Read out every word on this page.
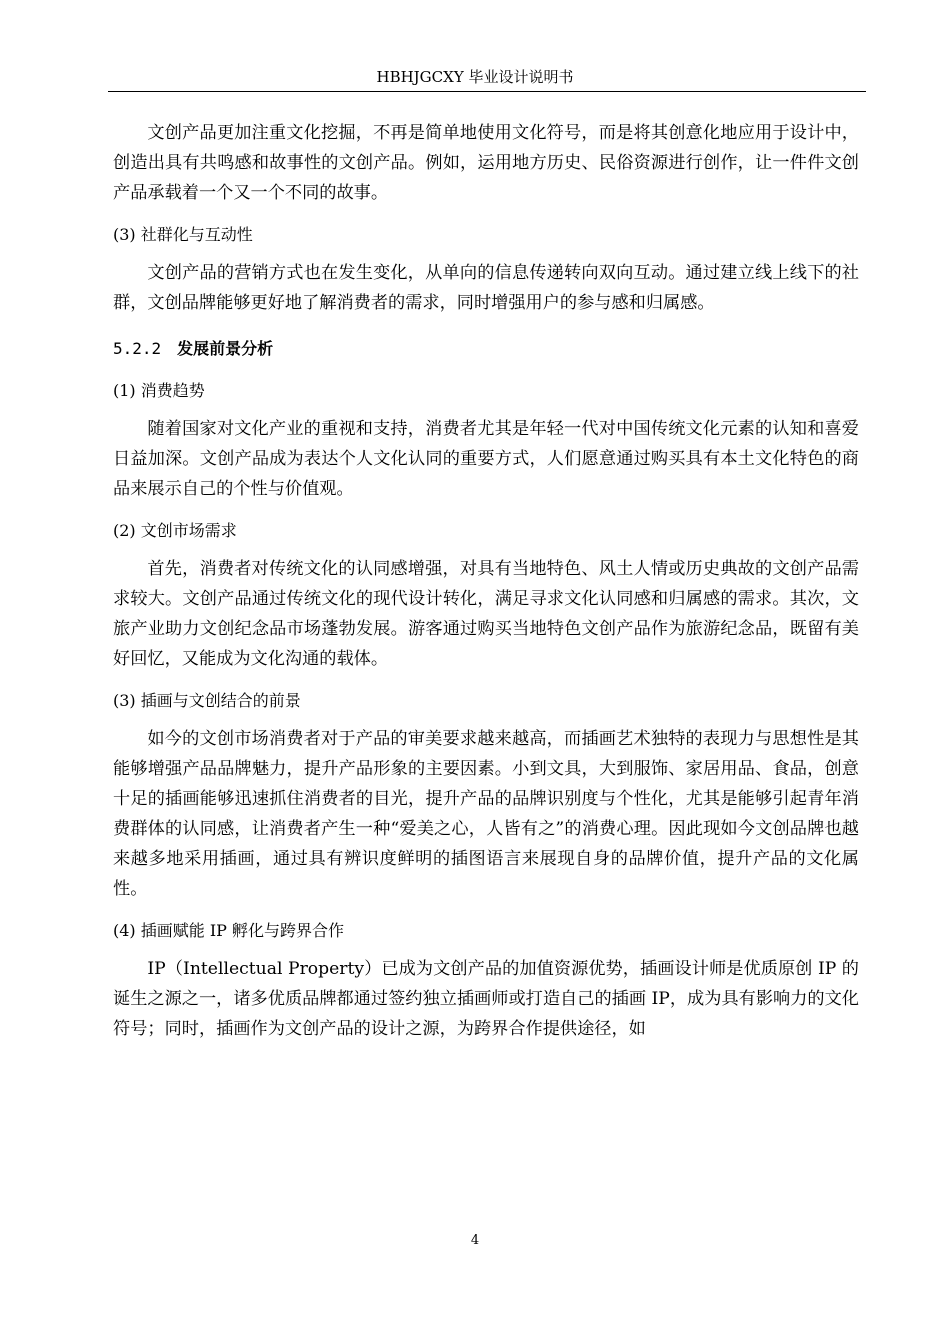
HBHJGCXY 毕业设计说明书

文创产品更加注重文化挖掘，不再是简单地使用文化符号，而是将其创意化地应用于设计中，创造出具有共鸣感和故事性的文创产品。例如，运用地方历史、民俗资源进行创作，让一件件文创产品承载着一个又一个不同的故事。

(3) 社群化与互动性

文创产品的营销方式也在发生变化，从单向的信息传递转向双向互动。通过建立线上线下的社群，文创品牌能够更好地了解消费者的需求，同时增强用户的参与感和归属感。

5.2.2 发展前景分析

(1) 消费趋势

随着国家对文化产业的重视和支持，消费者尤其是年轻一代对中国传统文化元素的认知和喜爱日益加深。文创产品成为表达个人文化认同的重要方式，人们愿意通过购买具有本土文化特色的商品来展示自己的个性与价值观。

(2) 文创市场需求

首先，消费者对传统文化的认同感增强，对具有当地特色、风土人情或历史典故的文创产品需求较大。文创产品通过传统文化的现代设计转化，满足寻求文化认同感和归属感的需求。其次，文旅产业助力文创纪念品市场蓬勃发展。游客通过购买当地特色文创产品作为旅游纪念品，既留有美好回忆，又能成为文化沟通的载体。

(3) 插画与文创结合的前景

如今的文创市场消费者对于产品的审美要求越来越高，而插画艺术独特的表现力与思想性是其能够增强产品品牌魅力，提升产品形象的主要因素。小到文具，大到服饰、家居用品、食品，创意十足的插画能够迅速抓住消费者的目光，提升产品的品牌识别度与个性化，尤其是能够引起青年消费群体的认同感，让消费者产生一种“爱美之心，人皆有之”的消费心理。因此现如今文创品牌也越来越多地采用插画，通过具有辨识度鲜明的插图语言来展现自身的品牌价值，提升产品的文化属性。

(4) 插画赋能 IP 孵化与跨界合作

IP（Intellectual Property）已成为文创产品的加值资源优势，插画设计师是优质原创 IP 的诞生之源之一，诸多优质品牌都通过签约独立插画师或打造自己的插画 IP，成为具有影响力的文化符号；同时，插画作为文创产品的设计之源，为跨界合作提供途径，如

4
